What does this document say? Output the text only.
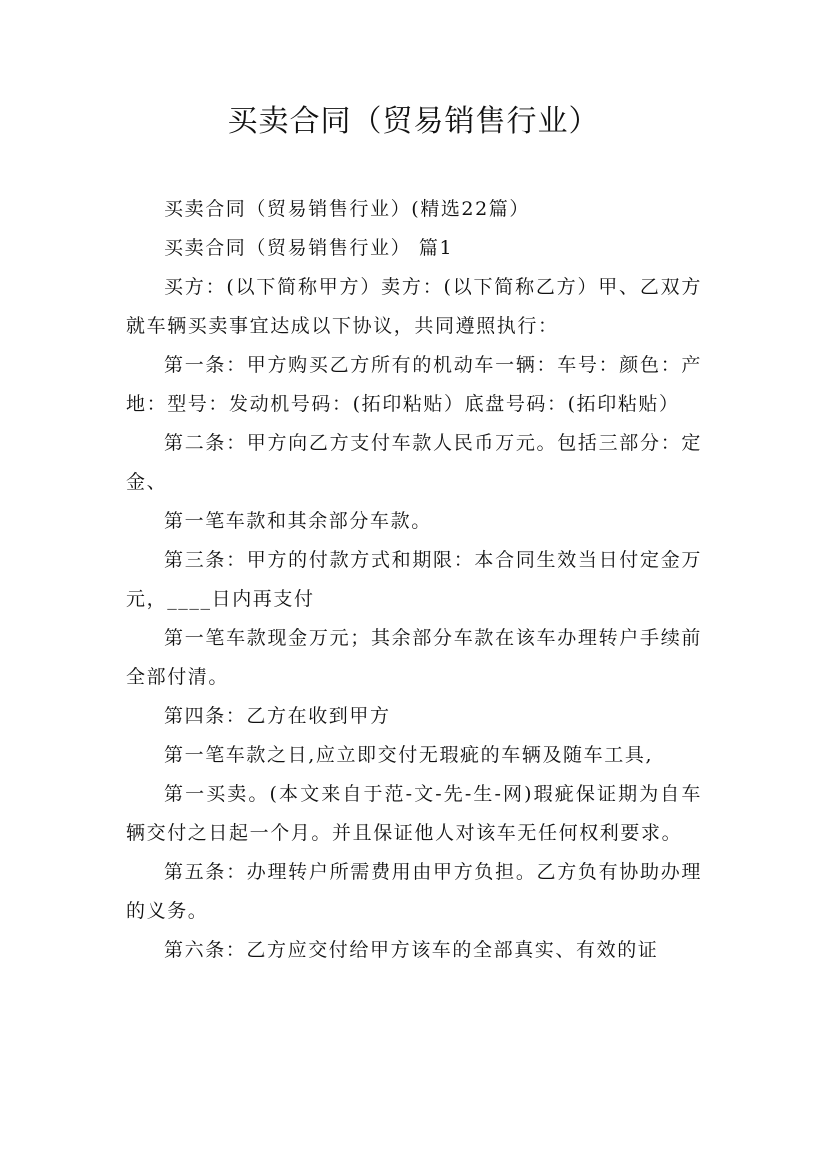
买卖合同（贸易销售行业）

买卖合同（贸易销售行业）(精选22篇）

买卖合同（贸易销售行业） 篇1

买方：(以下简称甲方）卖方：(以下简称乙方）甲、乙双方就车辆买卖事宜达成以下协议，共同遵照执行：

第一条：甲方购买乙方所有的机动车一辆：车号：颜色：产地：型号：发动机号码：(拓印粘贴）底盘号码：(拓印粘贴）

第二条：甲方向乙方支付车款人民币万元。包括三部分：定金、

第一笔车款和其余部分车款。

第三条：甲方的付款方式和期限：本合同生效当日付定金万元，____日内再支付

第一笔车款现金万元；其余部分车款在该车办理转户手续前全部付清。

第四条：乙方在收到甲方

第一笔车款之日,应立即交付无瑕疵的车辆及随车工具,

第一买卖。(本文来自于范-文-先-生-网)瑕疵保证期为自车辆交付之日起一个月。并且保证他人对该车无任何权利要求。

第五条：办理转户所需费用由甲方负担。乙方负有协助办理的义务。

第六条：乙方应交付给甲方该车的全部真实、有效的证
